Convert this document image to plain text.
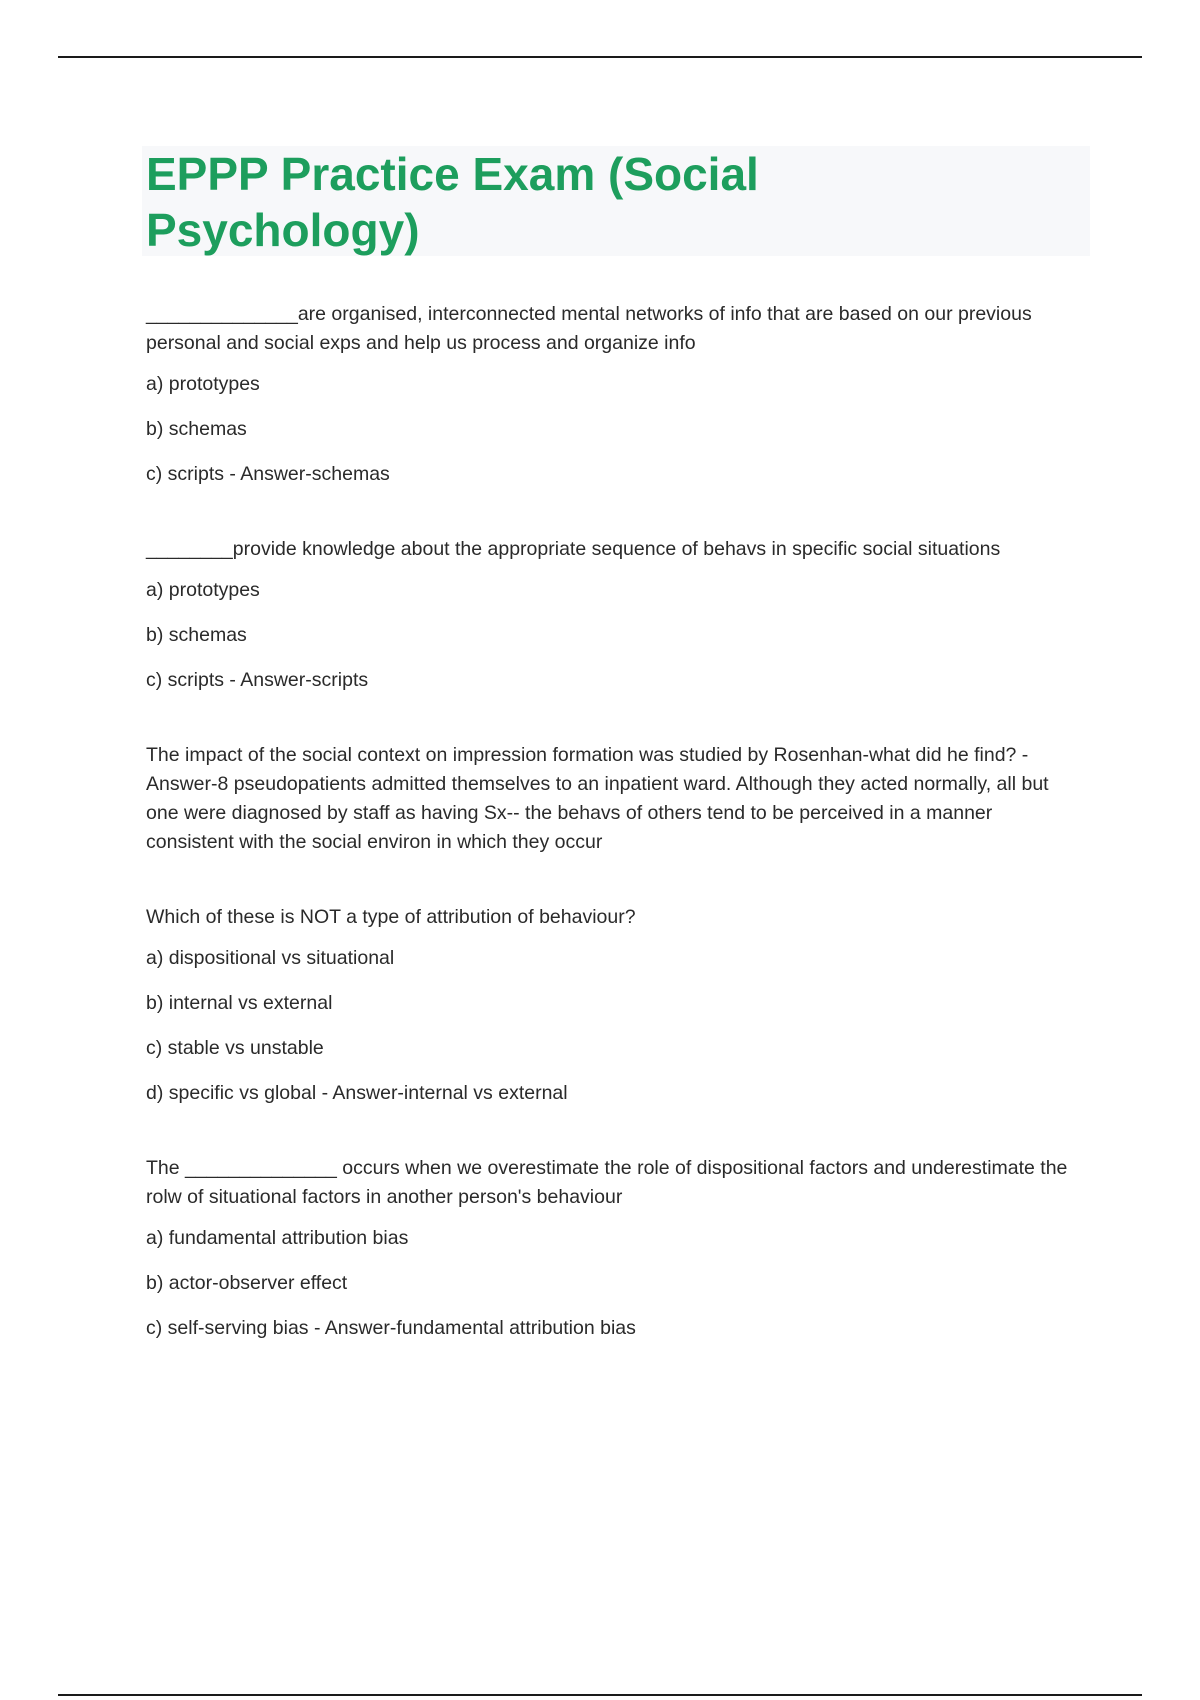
EPPP Practice Exam (Social Psychology)

______________are organised, interconnected mental networks of info that are based on our previous personal and social exps and help us process and organize info

a) prototypes

b) schemas

c) scripts - Answer-schemas

________provide knowledge about the appropriate sequence of behavs in specific social situations

a) prototypes

b) schemas

c) scripts - Answer-scripts

The impact of the social context on impression formation was studied by Rosenhan-what did he find? - Answer-8 pseudopatients admitted themselves to an inpatient ward. Although they acted normally, all but one were diagnosed by staff as having Sx-- the behavs of others tend to be perceived in a manner consistent with the social environ in which they occur

Which of these is NOT a type of attribution of behaviour?

a) dispositional vs situational

b) internal vs external

c) stable vs unstable

d) specific vs global - Answer-internal vs external

The ______________ occurs when we overestimate the role of dispositional factors and underestimate the rolw of situational factors in another person's behaviour

a) fundamental attribution bias

b) actor-observer effect

c) self-serving bias - Answer-fundamental attribution bias
